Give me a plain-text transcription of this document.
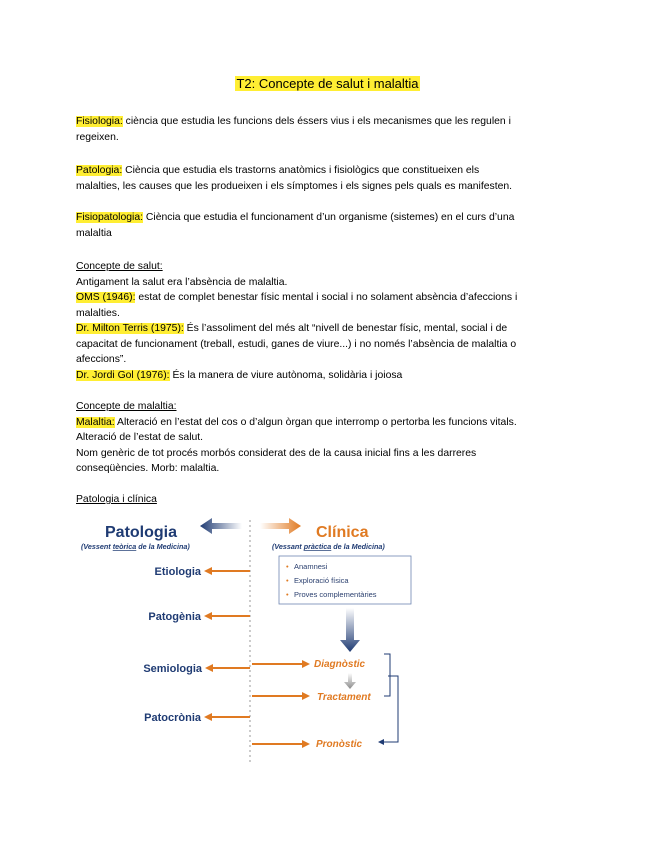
T2: Concepte de salut i malaltia
Fisiologia: ciència que estudia les funcions dels éssers vius i els mecanismes que les regulen i
regeixen.
Patologia: Ciència que estudia els trastorns anatòmics i fisiològics que constitueixen els
malalties, les causes que les produeixen i els símptomes i els signes pels quals es manifesten.
Fisiopatologia: Ciència que estudia el funcionament d’un organisme (sistemes) en el curs d’una
malaltia
Concepte de salut:
Antigament la salut era l’absència de malaltia.
OMS (1946): estat de complet benestar físic mental i social i no solament absència d’afeccions i
malalties.
Dr. Milton Terris (1975): És l’assoliment del més alt “nivell de benestar físic, mental, social i de
capacitat de funcionament (treball, estudi, ganes de viure...) i no només l’absència de malaltia o
afeccions”.
Dr. Jordi Gol (1976): És la manera de viure autònoma, solidària i joiosa
Concepte de malaltia:
Malaltia: Alteració en l’estat del cos o d’algun òrgan que interromp o pertorba les funcions vitals.
Alteració de l’estat de salut.
Nom genèric de tot procés morbós considerat des de la causa inicial fins a les darreres
conseqüències. Morb: malaltia.
Patologia i clínica
Patologia
(Vessent teòrica de la Medicina)
Clínica
(Vessant pràctica de la Medicina)
Etiologia
Patogènia
Semiologia
Patocrònia
• Anamnesi
• Exploració física
• Proves complementàries
Diagnòstic
Tractament
Pronòstic
